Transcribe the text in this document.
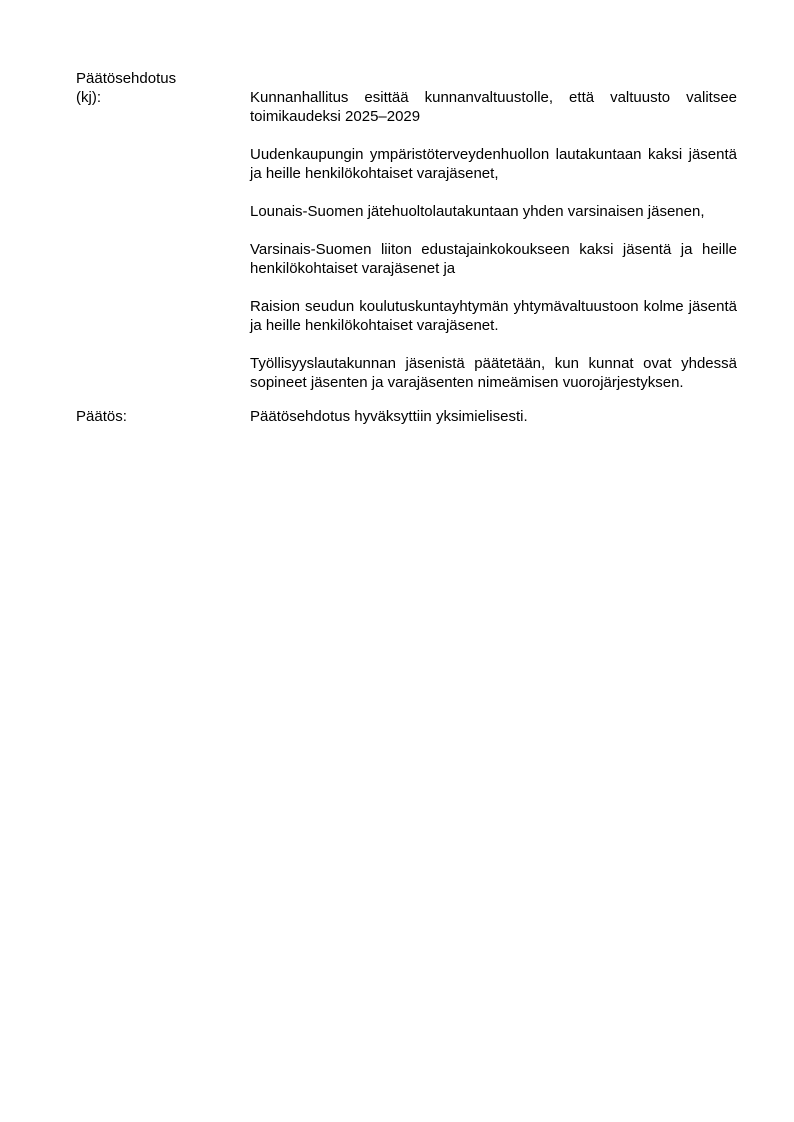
Päätösehdotus
(kj):	Kunnanhallitus esittää kunnanvaltuustolle, että valtuusto valitsee toimikaudeksi 2025–2029

Uudenkaupungin ympäristöterveydenhuollon lautakuntaan kaksi jäsentä ja heille henkilökohtaiset varajäsenet,

Lounais-Suomen jätehuoltolautakuntaan yhden varsinaisen jäsenen,

Varsinais-Suomen liiton edustajainkokoukseen kaksi jäsentä ja heille henkilökohtaiset varajäsenet ja

Raision seudun koulutuskuntayhtymän yhtymävaltuustoon kolme jäsentä ja heille henkilökohtaiset varajäsenet.

Työllisyyslautakunnan jäsenistä päätetään, kun kunnat ovat yhdessä sopineet jäsenten ja varajäsenten nimeämisen vuorojärjestyksen.

Päätös:	Päätösehdotus hyväksyttiin yksimielisesti.
